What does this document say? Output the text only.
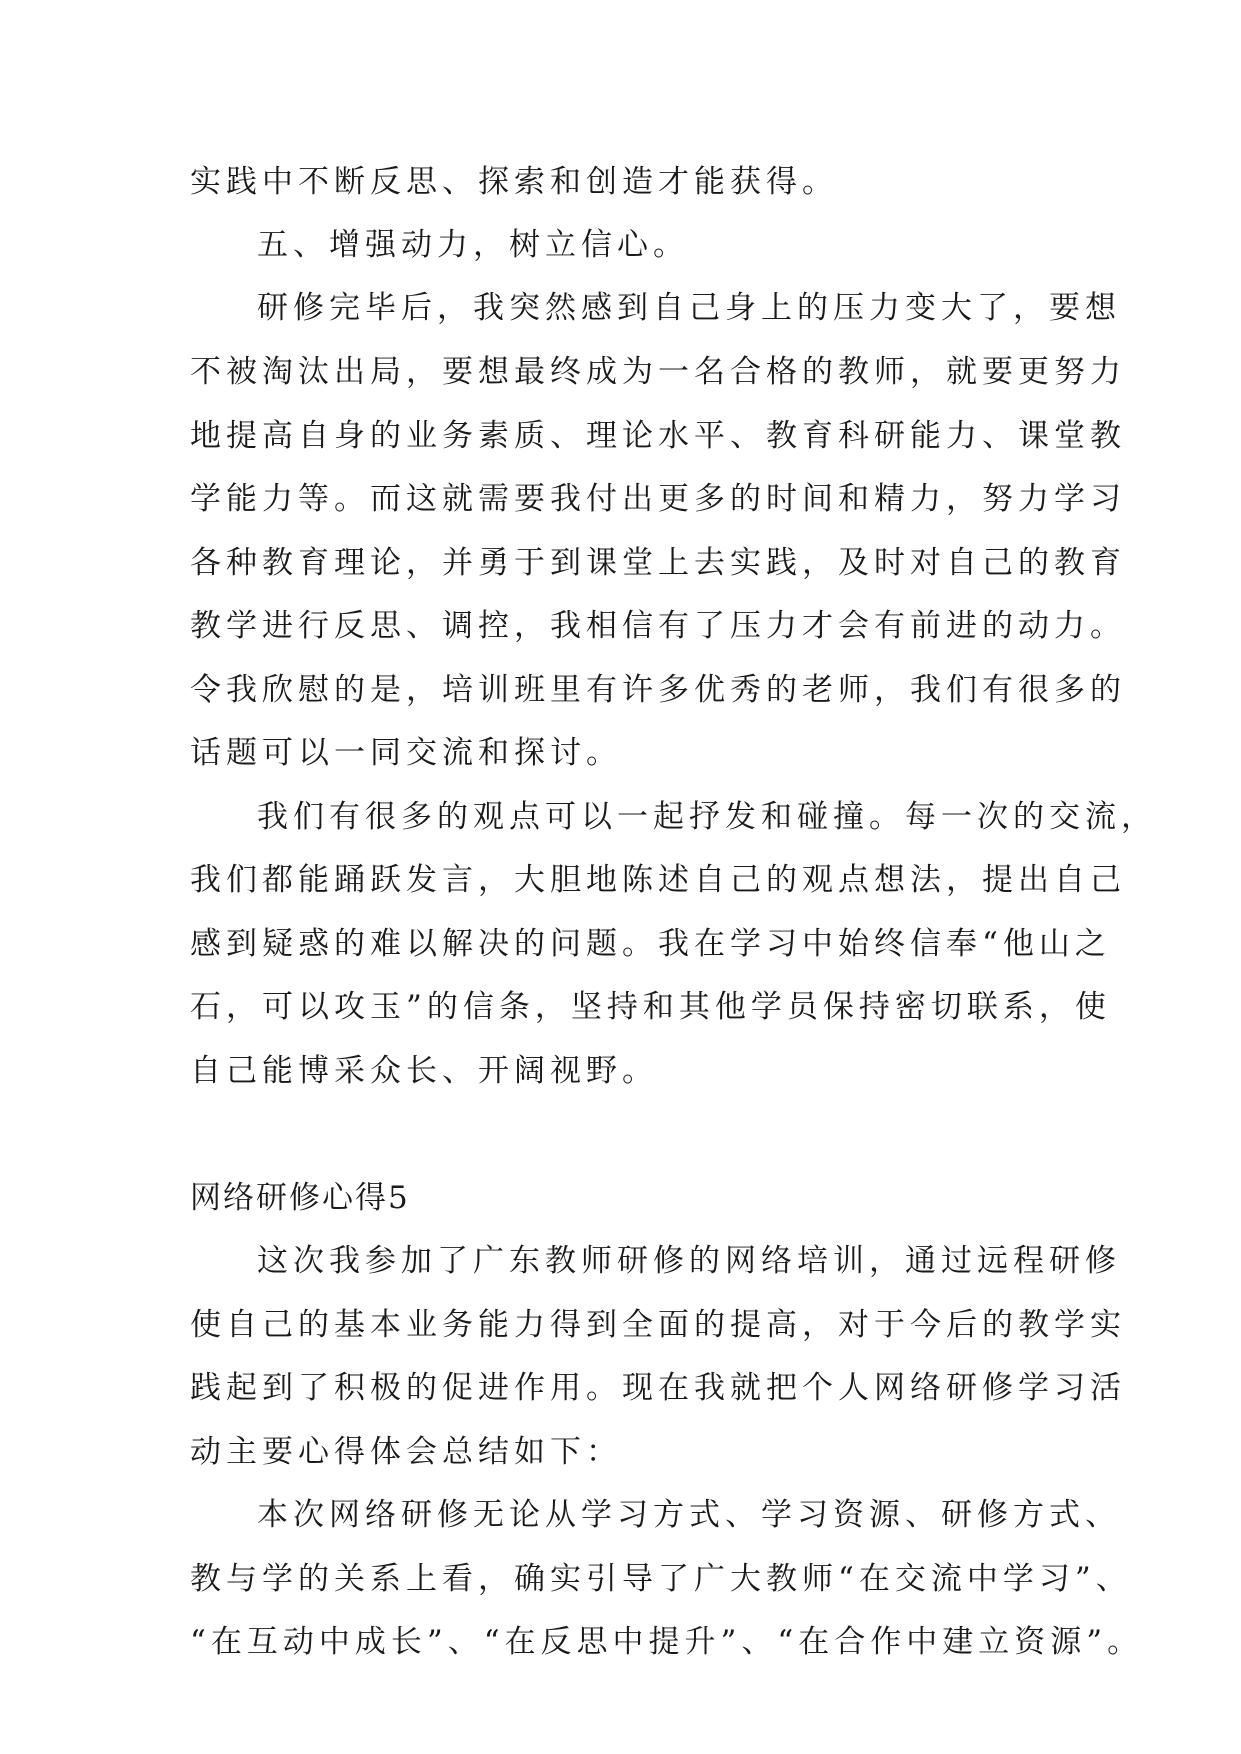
实践中不断反思、探索和创造才能获得。
五、增强动力，树立信心。
研修完毕后，我突然感到自己身上的压力变大了，要想
不被淘汰出局，要想最终成为一名合格的教师，就要更努力
地提高自身的业务素质、理论水平、教育科研能力、课堂教
学能力等。而这就需要我付出更多的时间和精力，努力学习
各种教育理论，并勇于到课堂上去实践，及时对自己的教育
教学进行反思、调控，我相信有了压力才会有前进的动力。
令我欣慰的是，培训班里有许多优秀的老师，我们有很多的
话题可以一同交流和探讨。
我们有很多的观点可以一起抒发和碰撞。每一次的交流，
我们都能踊跃发言，大胆地陈述自己的观点想法，提出自己
感到疑惑的难以解决的问题。我在学习中始终信奉“他山之
石，可以攻玉”的信条，坚持和其他学员保持密切联系，使
自己能博采众长、开阔视野。
网络研修心得5
这次我参加了广东教师研修的网络培训，通过远程研修
使自己的基本业务能力得到全面的提高，对于今后的教学实
践起到了积极的促进作用。现在我就把个人网络研修学习活
动主要心得体会总结如下：
本次网络研修无论从学习方式、学习资源、研修方式、
教与学的关系上看，确实引导了广大教师“在交流中学习”、
“在互动中成长”、“在反思中提升”、“在合作中建立资源”。
